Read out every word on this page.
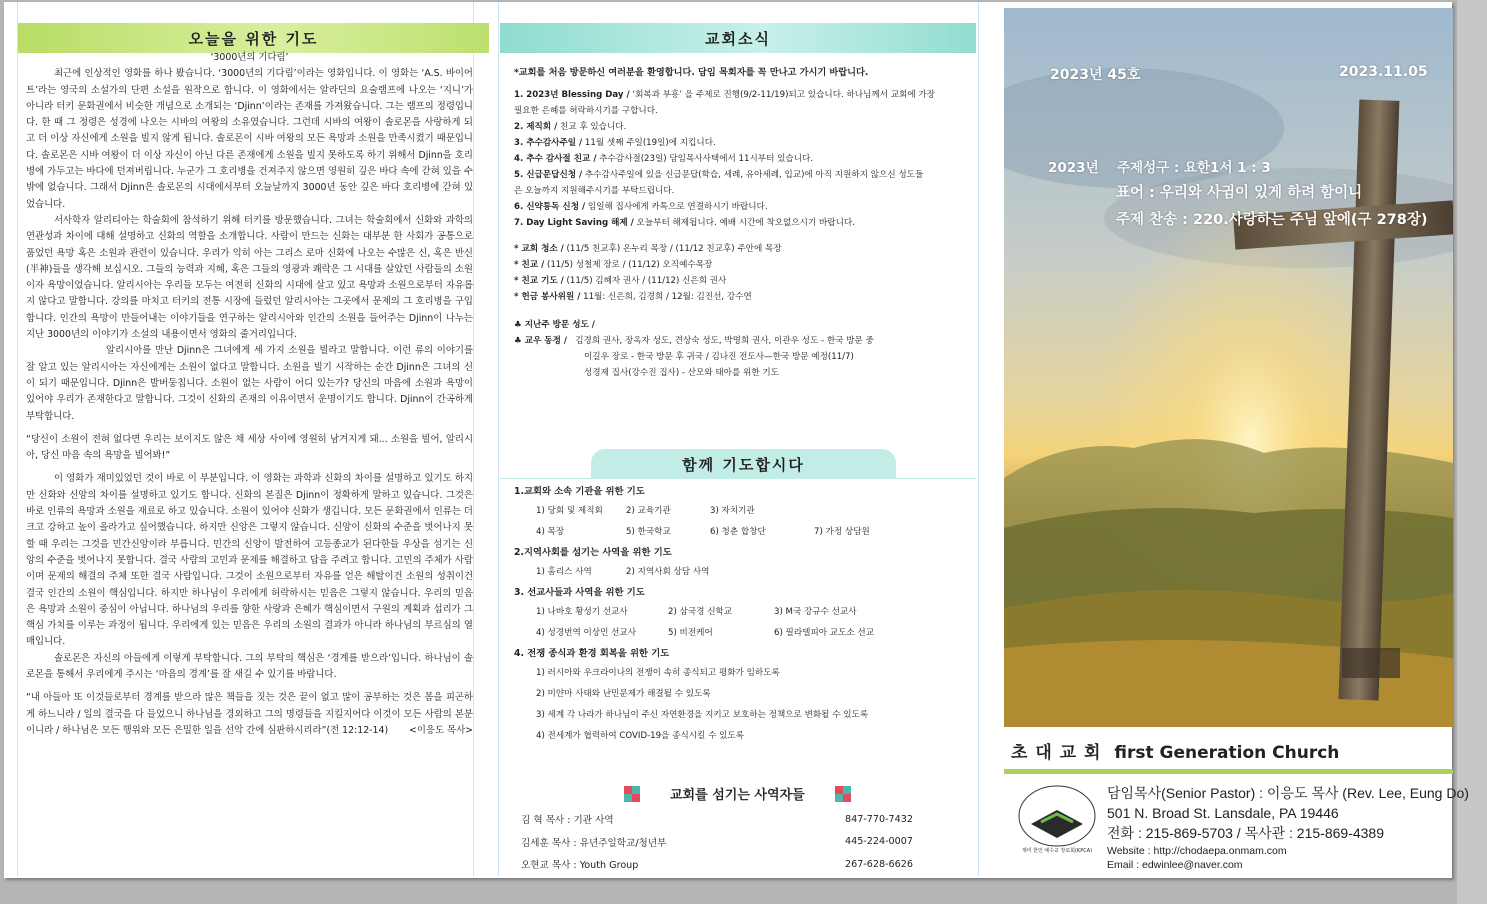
오늘을 위한 기도

‘3000년의 기다림’

최근에 인상적인 영화를 하나 봤습니다. ‘3000년의 기다림’이라는 영화입니다. 이 영화는 ‘A.S. 바이어트’라는 영국의 소설가의 단편 소설을 원작으로 합니다. 이 영화에서는 알라딘의 요술램프에 나오는 ‘지니’가 아니라 터키 문화권에서 비슷한 개념으로 소개되는 ‘Djinn’이라는 존재를 가져왔습니다. 그는 램프의 정령입니다. 한 때 그 정령은 성경에 나오는 시바의 여왕의 소유였습니다. 그런데 시바의 여왕이 솔로몬을 사랑하게 되고 더 이상 자신에게 소원을 빌지 않게 됩니다. 솔로몬이 시바 여왕의 모든 욕망과 소원을 만족시켰기 때문입니다. 솔로몬은 시바 여왕이 더 이상 자신이 아닌 다른 존재에게 소원을 빌지 못하도록 하기 위해서 Djinn을 호리병에 가두고는 바다에 던져버립니다. 누군가 그 호리병을 건져주지 않으면 영원히 깊은 바다 속에 갇혀 있을 수밖에 없습니다. 그래서 Djinn은 솔로몬의 시대에서부터 오늘날까지 3000년 동안 깊은 바다 호리병에 갇혀 있었습니다.

서사학자 알리티아는 학술회에 참석하기 위해 터키를 방문했습니다. 그녀는 학술회에서 신화와 과학의 연관성과 차이에 대해 설명하고 신화의 역할을 소개합니다. 사람이 만드는 신화는 대부분 한 사회가 공통으로 품었던 욕망 혹은 소원과 관련이 있습니다. 우리가 익히 아는 그리스 로마 신화에 나오는 수많은 신, 혹은 반신(半神)들을 생각해 보십시오. 그들의 능력과 지혜, 혹은 그들의 영광과 쾌락은 그 시대를 살았던 사람들의 소원이자 욕망이었습니다. 알리시아는 우리들 모두는 여전히 신화의 시대에 살고 있고 욕망과 소원으로부터 자유롭지 않다고 말합니다. 강의를 마치고 터키의 전통 시장에 들렀던 알리시아는 그곳에서 문제의 그 호리병을 구입합니다. 인간의 욕망이 만들어내는 이야기들을 연구하는 알리시아와 인간의 소원을 들어주는 Djinn이 나누는 지난 3000년의 이야기가 소설의 내용이면서 영화의 줄거리입니다.

알리시아를 만난 Djinn은 그녀에게 세 가지 소원을 빌라고 말합니다. 이런 류의 이야기를 잘 알고 있는 알리시아는 자신에게는 소원이 없다고 말합니다. 소원을 빌기 시작하는 순간 Djinn은 그녀의 신이 되기 때문입니다. Djinn은 발버둥칩니다. 소원이 없는 사람이 어디 있는가? 당신의 마음에 소원과 욕망이 있어야 우리가 존재한다고 말합니다. 그것이 신화의 존재의 이유이면서 운명이기도 합니다. Djinn이 간곡하게 부탁합니다.

“당신이 소원이 전혀 없다면 우리는 보이지도 않은 채 세상 사이에 영원히 남겨지게 돼... 소원을 빌어, 알리시아, 당신 마음 속의 욕망을 빌어봐!”

이 영화가 재미있었던 것이 바로 이 부분입니다. 이 영화는 과학과 신화의 차이를 설명하고 있기도 하지만 신화와 신앙의 차이를 설명하고 있기도 합니다. 신화의 본질은 Djinn이 정확하게 말하고 있습니다. 그것은 바로 인류의 욕망과 소원을 재료로 하고 있습니다. 소원이 있어야 신화가 생깁니다. 모든 문화권에서 인류는 더 크고 강하고 높이 올라가고 싶어했습니다. 하지만 신앙은 그렇지 않습니다. 신앙이 신화의 수준을 벗어나지 못할 때 우리는 그것을 민간신앙이라 부릅니다. 민간의 신앙이 발전하여 고등종교가 된다한들 우상을 섬기는 신앙의 수준을 벗어나지 못합니다. 결국 사람의 고민과 문제를 해결하고 답을 주려고 합니다. 고민의 주체가 사람이며 문제의 해결의 주체 또한 결국 사람입니다. 그것이 소원으로부터 자유를 얻은 해탈이건 소원의 성취이건 결국 인간의 소원이 핵심입니다. 하지만 하나님이 우리에게 허락하시는 믿음은 그렇지 않습니다. 우리의 믿음은 욕망과 소원이 중심이 아닙니다. 하나님의 우리를 향한 사랑과 은혜가 핵심이면서 구원의 계획과 섭리가 그 핵심 가치를 이루는 과정이 됩니다. 우리에게 있는 믿음은 우리의 소원의 결과가 아니라 하나님의 부르심의 열매입니다.

솔로몬은 자신의 아들에게 이렇게 부탁합니다. 그의 부탁의 핵심은 ‘경계를 받으라’입니다. 하나님이 솔로몬을 통해서 우리에게 주시는 ‘마음의 경계’를 잘 새길 수 있기를 바랍니다.

“내 아들아 또 이것들로부터 경계를 받으라 많은 책들을 짓는 것은 끝이 없고 많이 공부하는 것은 몸을 피곤하게 하느니라 / 일의 결국을 다 들었으니 하나님을 경외하고 그의 명령들을 지킬지어다 이것이 모든 사람의 본분이니라 / 하나님은 모든 행위와 모든 은밀한 일을 선악 간에 심판하시리라”(전 12:12-14) <이응도 목사>

교회소식

*교회를 처음 방문하신 여러분을 환영합니다. 담임 목회자를 꼭 만나고 가시기 바랍니다.

1. 2023년 Blessing Day / ‘회복과 부흥’ 을 주제로 진행(9/2-11/19)되고 있습니다. 하나님께서 교회에 가장

필요한 은혜를 허락하시기를 구합니다.

2. 제직회 / 친교 후 있습니다.

3. 추수감사주일 / 11월 셋째 주일(19일)에 지킵니다.

4. 추수 감사절 친교 / 추수감사절(23일) 담임목사사택에서 11시부터 있습니다.

5. 신급문답신청 / 추수감사주일에 있을 신급문답(학습, 세례, 유아세례, 입교)에 아직 지원하지 않으신 성도들

은 오늘까지 지원해주시기를 부탁드립니다.

6. 신약통독 신청 / 임일해 집사에게 카톡으로 연결하시기 바랍니다.

7. Day Light Saving 해제 / 오늘부터 해제됩니다. 예배 시간에 착오없으시기 바랍니다.

* 교회 청소 / (11/5 친교후) 온누리 목장 / (11/12 친교후) 주안에 목장

* 친교 / (11/5) 성철제 장로 / (11/12) 오직예수목장

* 친교 기도 / (11/5) 김혜자 권사 / (11/12) 신은희 권사

* 헌금 봉사위원 / 11월: 신은희, 김경희 / 12월: 김진선, 강수연

♣ 지난주 방문 성도 /

♣ 교우 동정 / 김경희 권사, 장옥자 성도, 견상숙 성도, 박명희 권사, 이관우 성도 - 한국 방문 중

이길우 장로 - 한국 방문 후 귀국 / 김나진 전도사—한국 방문 예정(11/7)

성경제 집사(강수진 집사) - 산모와 태아를 위한 기도

함께 기도합시다

1.교회와 소속 기관을 위한 기도

1) 당회 및 제직회	2) 교육기관	3) 자치기관
4) 목장	5) 한국학교	6) 청춘 합창단	7) 가정 상담원

2.지역사회를 섬기는 사역을 위한 기도

1) 홈리스 사역	2) 지역사회 상담 사역

3. 선교사들과 사역을 위한 기도

1) 나바호 황성기 선교사	2) 삼국경 신학교	3) M국 강규수 선교사
4) 성경번역 이상민 선교사	5) 비전케어	6) 필라델피아 교도소 선교

4. 전쟁 종식과 환경 회복을 위한 기도

1) 러시아와 우크라이나의 전쟁이 속히 종식되고 평화가 임하도록
2) 미얀마 사태와 난민문제가 해결될 수 있도록
3) 세계 각 나라가 하나님이 주신 자연환경을 지키고 보호하는 정책으로 변화될 수 있도록
4) 전세계가 협력하여 COVID-19을 종식시킬 수 있도록
교회를 섬기는 사역자들
김 혁 목사 : 기관 사역	847-770-7432
김세훈 목사 : 유년주일학교/청년부	445-224-0007
오현교 목사 : Youth Group	267-628-6626
2023년 45호	2023.11.05
2023년 주제성구 : 요한1서 1 : 3
표어 : 우리와 사귐이 있게 하려 함이니
주제 찬송 : 220.사랑하는 주님 앞에(구 278장)
초 대 교 회 first Generation Church
재미 한인 예수교 장로회(KPCA)
담임목사(Senior Pastor) : 이응도 목사 (Rev. Lee, Eung Do)
501 N. Broad St. Lansdale, PA 19446
전화 : 215-869-5703 / 목사관 : 215-869-4389
Website : http://chodaepa.onmam.com
Email : edwinlee@naver.com
